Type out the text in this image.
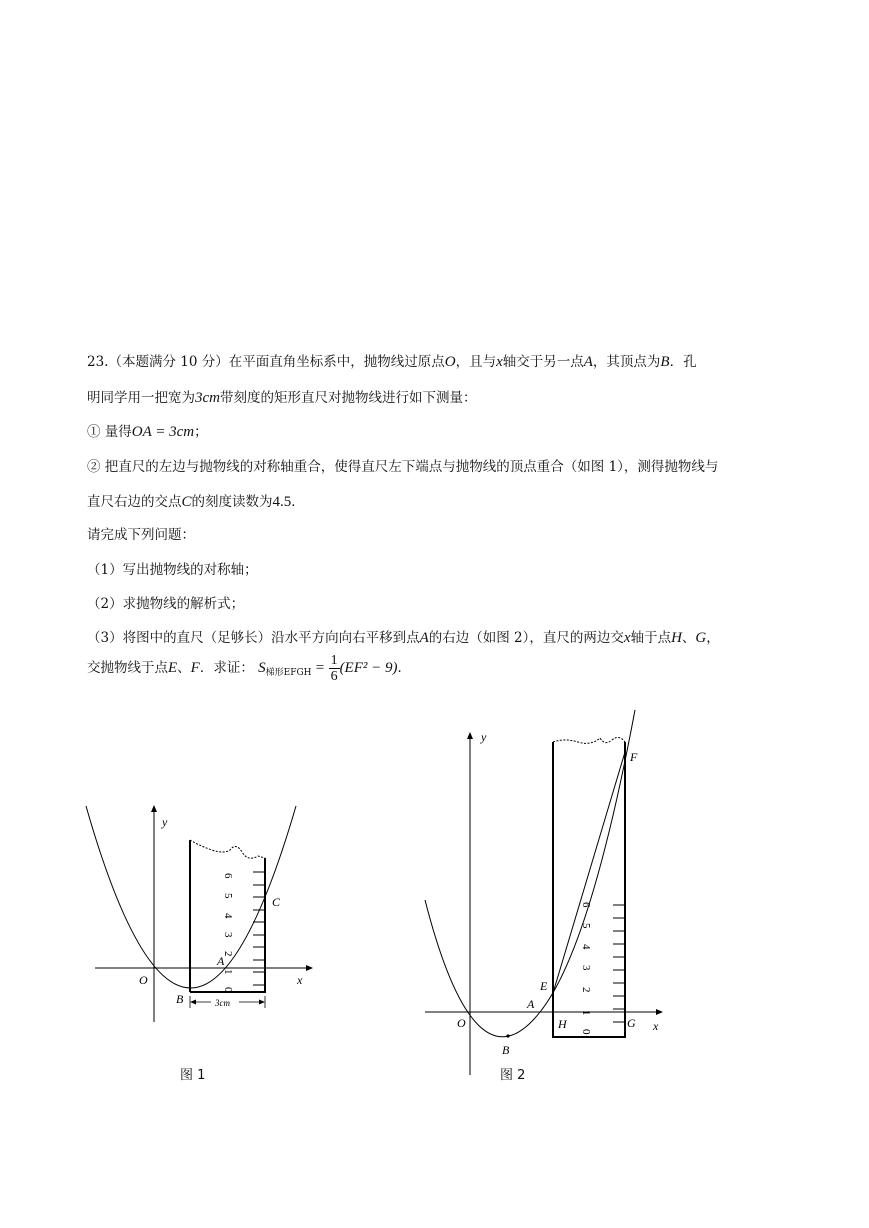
23.（本题满分 10 分）在平面直角坐标系中，抛物线过原点O，且与x轴交于另一点A，其顶点为B．孔
明同学用一把宽为3cm带刻度的矩形直尺对抛物线进行如下测量：
① 量得OA = 3cm；
② 把直尺的左边与抛物线的对称轴重合，使得直尺左下端点与抛物线的顶点重合（如图 1），测得抛物线与
直尺右边的交点C的刻度读数为4.5．
请完成下列问题：
（1）写出抛物线的对称轴；
（2）求抛物线的解析式；
（3）将图中的直尺（足够长）沿水平方向向右平移到点A的右边（如图 2），直尺的两边交x轴于点H、G，
交抛物线于点E、F．求证： $S_{梯形EFGH} = \frac{1}{6} (EF^2 - 9)$．
6
5
4
3
2
1
0
3cm
y
x
O
A
B
C	6
5
4
3
2
1
0
y
x
O
A
B
E
F
H	G
图 1	图 2
